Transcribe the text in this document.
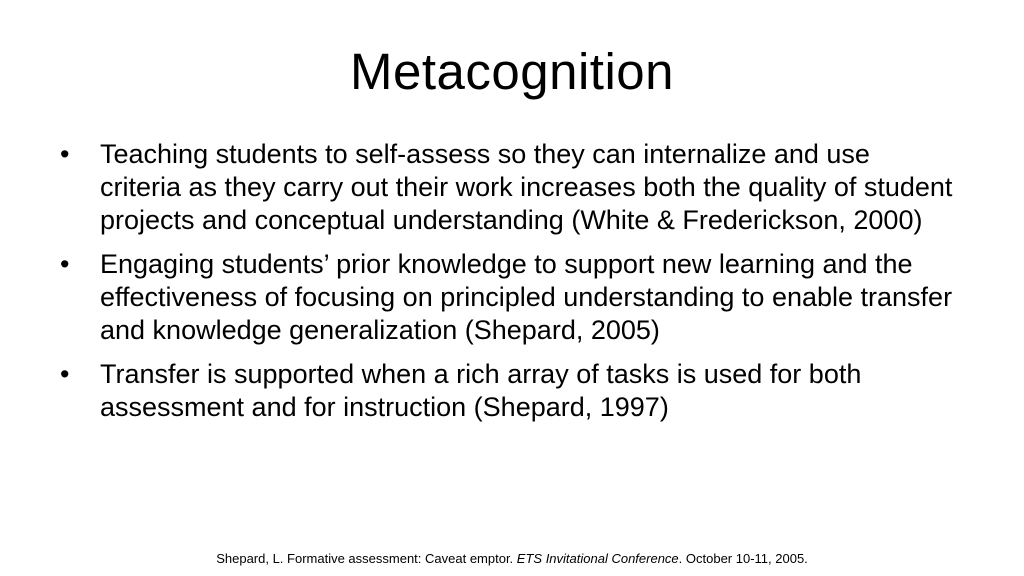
Metacognition
• Teaching students to self-assess so they can internalize and use criteria as they carry out their work increases both the quality of student projects and conceptual understanding (White & Frederickson, 2000)
• Engaging students’ prior knowledge to support new learning and the effectiveness of focusing on principled understanding to enable transfer and knowledge generalization (Shepard, 2005)
• Transfer is supported when a rich array of tasks is used for both assessment and for instruction (Shepard, 1997)
Shepard, L. Formative assessment: Caveat emptor. ETS Invitational Conference. October 10-11, 2005.
